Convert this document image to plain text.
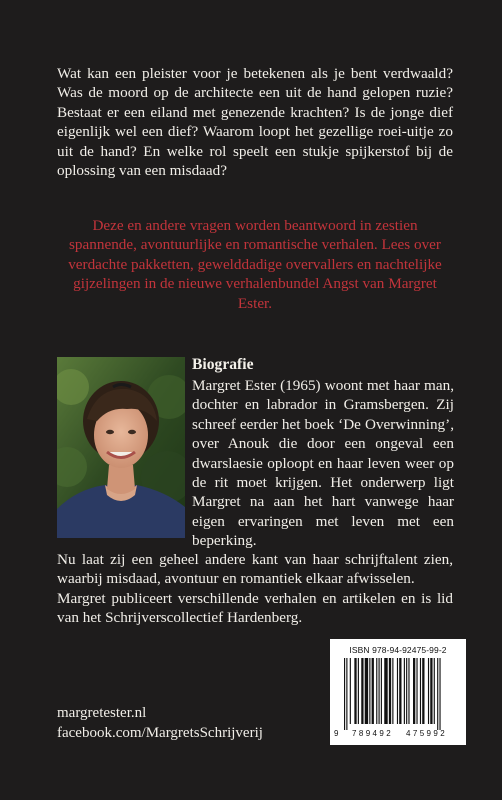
Wat kan een pleister voor je betekenen als je bent verdwaald? Was de moord op de architecte een uit de hand gelopen ruzie? Bestaat er een eiland met genezende krachten? Is de jonge dief eigenlijk wel een dief? Waarom loopt het gezellige roei-uitje zo uit de hand? En welke rol speelt een stukje spijkerstof bij de oplossing van een misdaad?
Deze en andere vragen worden beantwoord in zestien spannende, avontuurlijke en romantische verhalen. Lees over verdachte pakketten, gewelddadige overvallers en nachtelijke gijzelingen in de nieuwe verhalenbundel Angst van Margret Ester.
Biografie

Margret Ester (1965) woont met haar man, dochter en labrador in Gramsbergen. Zij schreef eerder het boek ‘De Overwinning’, over Anouk die door een ongeval een dwarslaesie oploopt en haar leven weer op de rit moet krijgen. Het onderwerp ligt Margret na aan het hart vanwege haar eigen ervaringen met leven met een beperking.

Nu laat zij een geheel andere kant van haar schrijftalent zien, waarbij misdaad, avontuur en romantiek elkaar afwisselen.

Margret publiceert verschillende verhalen en artikelen en is lid van het Schrijverscollectief Hardenberg.

margretester.nl
facebook.com/MargretsSchrijverij
ISBN 978-94-92475-99-2
9 789492 475992
